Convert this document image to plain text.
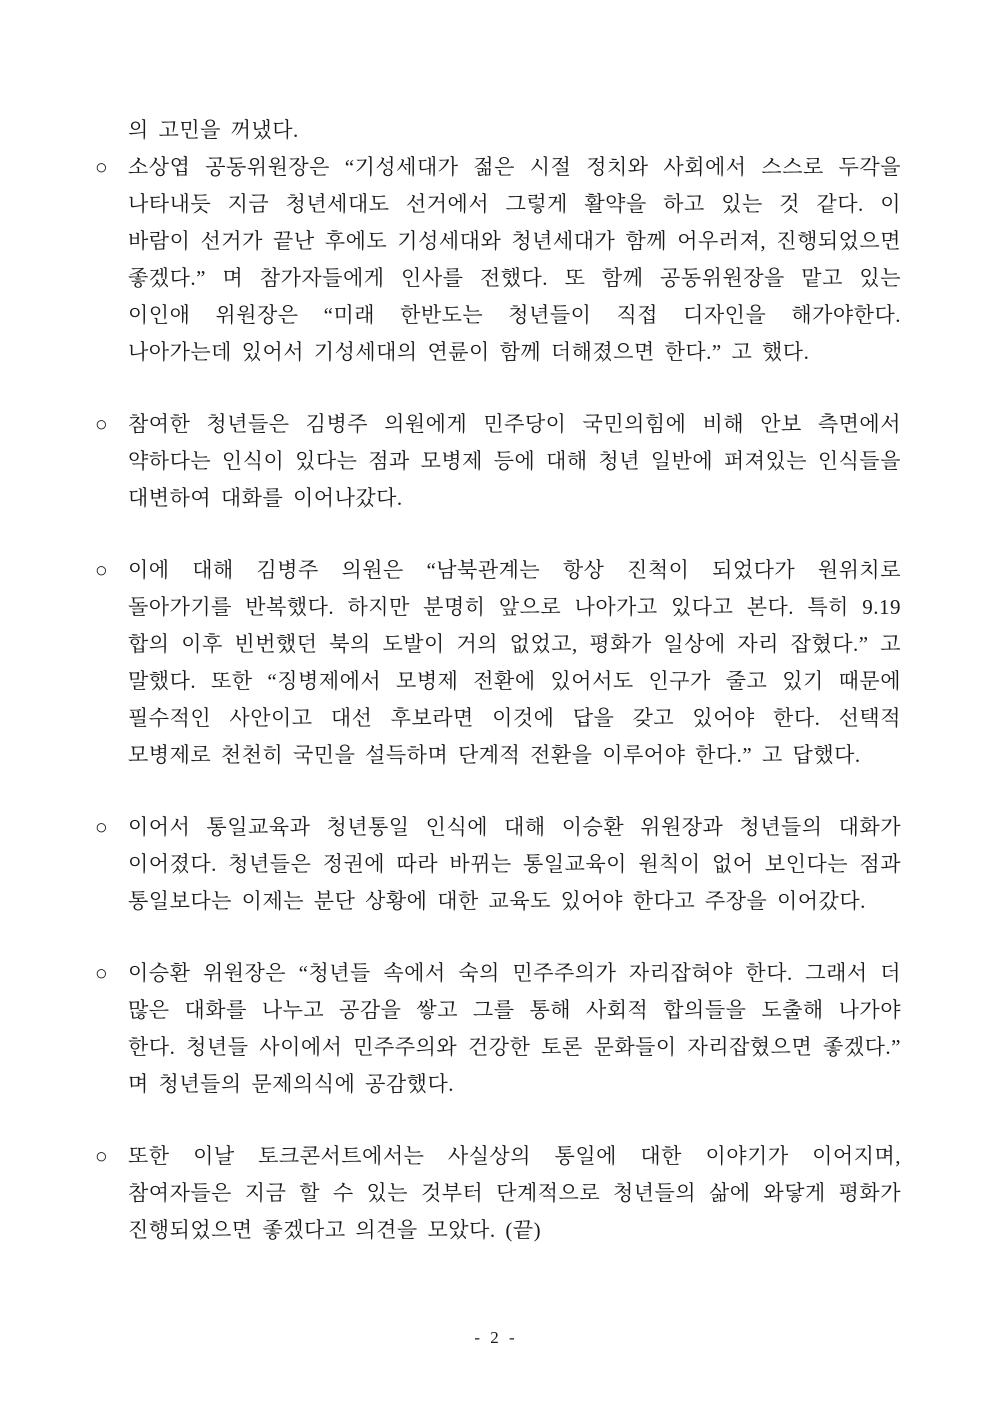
의 고민을 꺼냈다.

○ 소상엽 공동위원장은 “기성세대가 젊은 시절 정치와 사회에서 스스로 두각을 나타내듯 지금 청년세대도 선거에서 그렇게 활약을 하고 있는 것 같다. 이 바람이 선거가 끝난 후에도 기성세대와 청년세대가 함께 어우러져, 진행되었으면 좋겠다.” 며 참가자들에게 인사를 전했다. 또 함께 공동위원장을 맡고 있는 이인애 위원장은 “미래 한반도는 청년들이 직접 디자인을 해가야한다. 나아가는데 있어서 기성세대의 연륜이 함께 더해졌으면 한다.” 고 했다.

○ 참여한 청년들은 김병주 의원에게 민주당이 국민의힘에 비해 안보 측면에서 약하다는 인식이 있다는 점과 모병제 등에 대해 청년 일반에 퍼져있는 인식들을 대변하여 대화를 이어나갔다.

○ 이에 대해 김병주 의원은 “남북관계는 항상 진척이 되었다가 원위치로 돌아가기를 반복했다. 하지만 분명히 앞으로 나아가고 있다고 본다. 특히 9.19 합의 이후 빈번했던 북의 도발이 거의 없었고, 평화가 일상에 자리 잡혔다.” 고 말했다. 또한 “징병제에서 모병제 전환에 있어서도 인구가 줄고 있기 때문에 필수적인 사안이고 대선 후보라면 이것에 답을 갖고 있어야 한다. 선택적 모병제로 천천히 국민을 설득하며 단계적 전환을 이루어야 한다.” 고 답했다.

○ 이어서 통일교육과 청년통일 인식에 대해 이승환 위원장과 청년들의 대화가 이어졌다. 청년들은 정권에 따라 바뀌는 통일교육이 원칙이 없어 보인다는 점과 통일보다는 이제는 분단 상황에 대한 교육도 있어야 한다고 주장을 이어갔다.

○ 이승환 위원장은 “청년들 속에서 숙의 민주주의가 자리잡혀야 한다. 그래서 더 많은 대화를 나누고 공감을 쌓고 그를 통해 사회적 합의들을 도출해 나가야 한다. 청년들 사이에서 민주주의와 건강한 토론 문화들이 자리잡혔으면 좋겠다.” 며 청년들의 문제의식에 공감했다.

○ 또한 이날 토크콘서트에서는 사실상의 통일에 대한 이야기가 이어지며, 참여자들은 지금 할 수 있는 것부터 단계적으로 청년들의 삶에 와닿게 평화가 진행되었으면 좋겠다고 의견을 모았다. (끝)

- 2 -
